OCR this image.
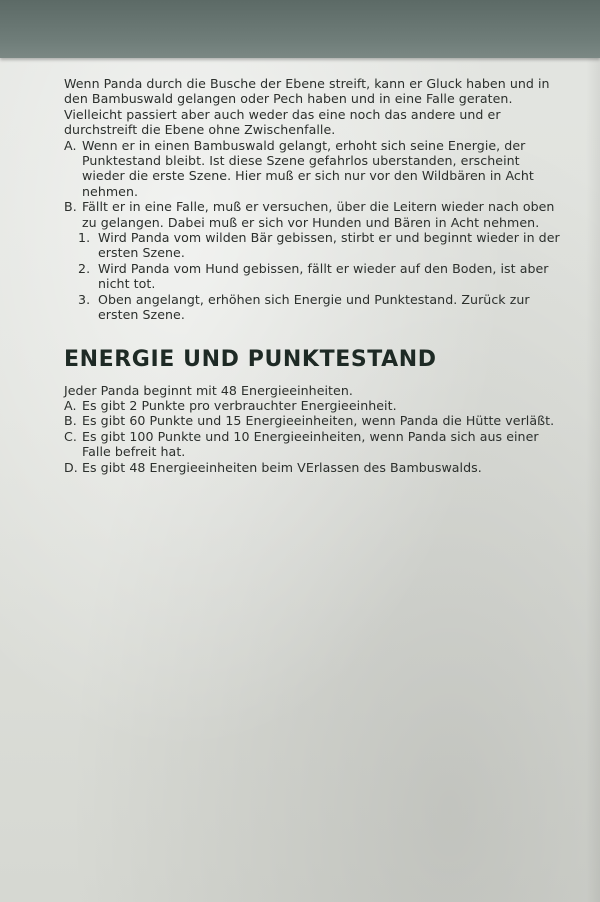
Wenn Panda durch die Busche der Ebene streift, kann er Gluck haben und in den Bambuswald gelangen oder Pech haben und in eine Falle geraten. Vielleicht passiert aber auch weder das eine noch das andere und er durchstreift die Ebene ohne Zwischenfalle.

A. Wenn er in einen Bambuswald gelangt, erhoht sich seine Energie, der Punktestand bleibt. Ist diese Szene gefahrlos uberstanden, erscheint wieder die erste Szene. Hier muß er sich nur vor den Wildbären in Acht nehmen.
B. Fällt er in eine Falle, muß er versuchen, über die Leitern wieder nach oben zu gelangen. Dabei muß er sich vor Hunden und Bären in Acht nehmen.
1. Wird Panda vom wilden Bär gebissen, stirbt er und beginnt wieder in der ersten Szene.
2. Wird Panda vom Hund gebissen, fällt er wieder auf den Boden, ist aber nicht tot.
3. Oben angelangt, erhöhen sich Energie und Punktestand. Zurück zur ersten Szene.
ENERGIE UND PUNKTESTAND

Jeder Panda beginnt mit 48 Energieeinheiten.

A. Es gibt 2 Punkte pro verbrauchter Energieeinheit.
B. Es gibt 60 Punkte und 15 Energieeinheiten, wenn Panda die Hütte verläßt.
C. Es gibt 100 Punkte und 10 Energieeinheiten, wenn Panda sich aus einer Falle befreit hat.
D. Es gibt 48 Energieeinheiten beim VErlassen des Bambuswalds.
